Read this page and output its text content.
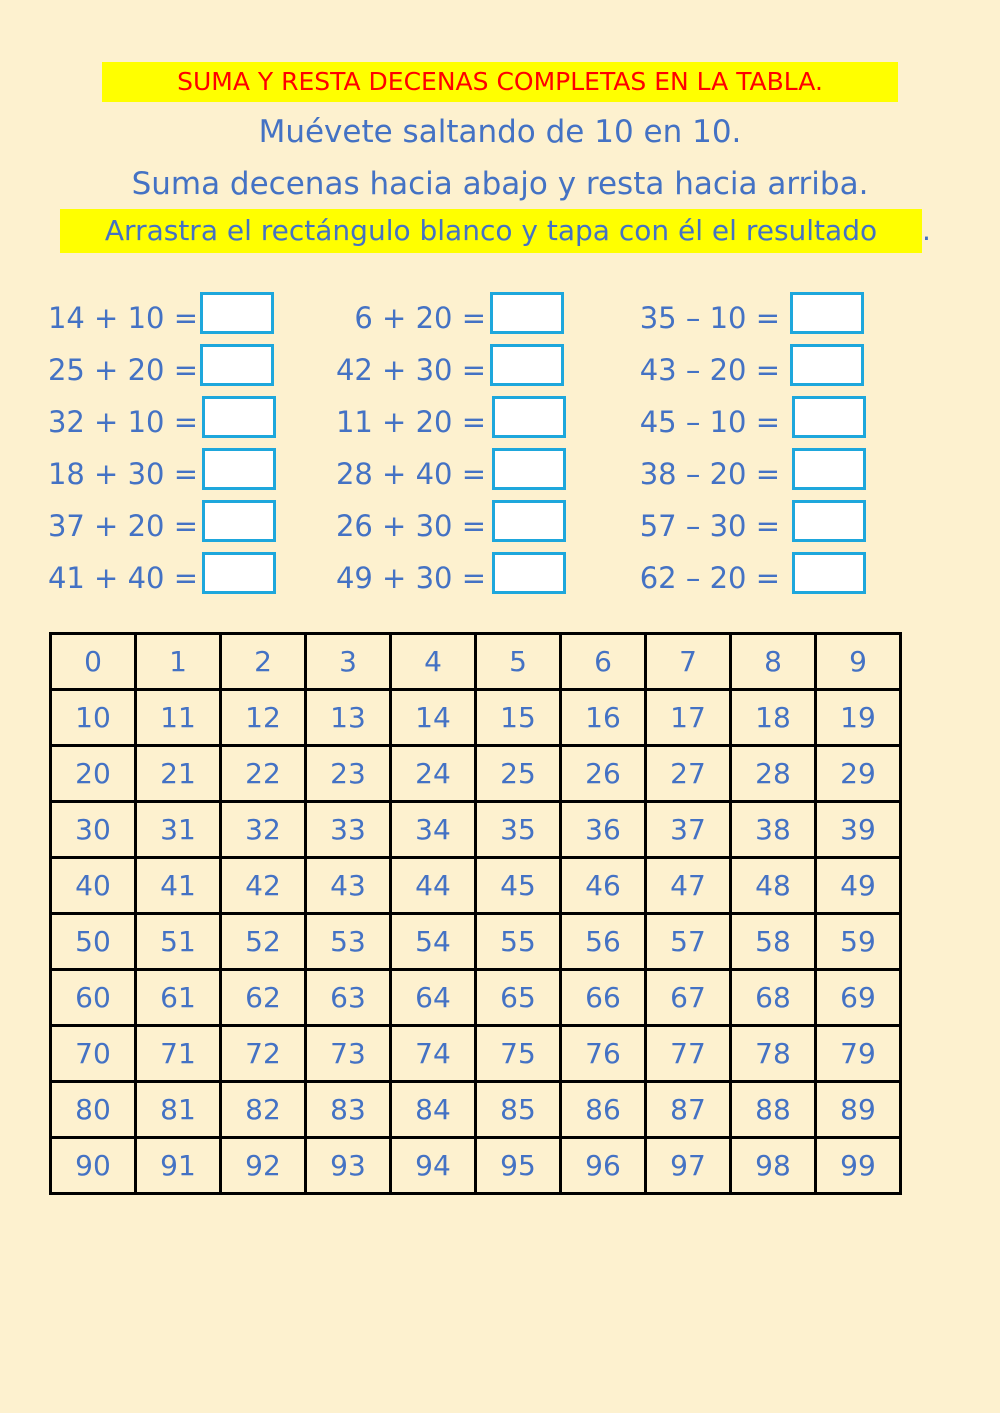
SUMA Y RESTA DECENAS COMPLETAS EN LA TABLA.
Muévete saltando de 10 en 10.
Suma decenas hacia abajo y resta hacia arriba.
Arrastra el rectángulo blanco y tapa con él el resultado .
14 + 10 =
25 + 20 =
32 + 10 =
18 + 30 =
37 + 20 =
41 + 40 =
6 + 20 =
42 + 30 =
11 + 20 =
28 + 40 =
26 + 30 =
49 + 30 =
35 – 10 =
43 – 20 =
45 – 10 =
38 – 20 =
57 – 30 =
62 – 20 =
0	1	2	3	4	5	6	7	8	9
10	11	12	13	14	15	16	17	18	19
20	21	22	23	24	25	26	27	28	29
30	31	32	33	34	35	36	37	38	39
40	41	42	43	44	45	46	47	48	49
50	51	52	53	54	55	56	57	58	59
60	61	62	63	64	65	66	67	68	69
70	71	72	73	74	75	76	77	78	79
80	81	82	83	84	85	86	87	88	89
90	91	92	93	94	95	96	97	98	99
